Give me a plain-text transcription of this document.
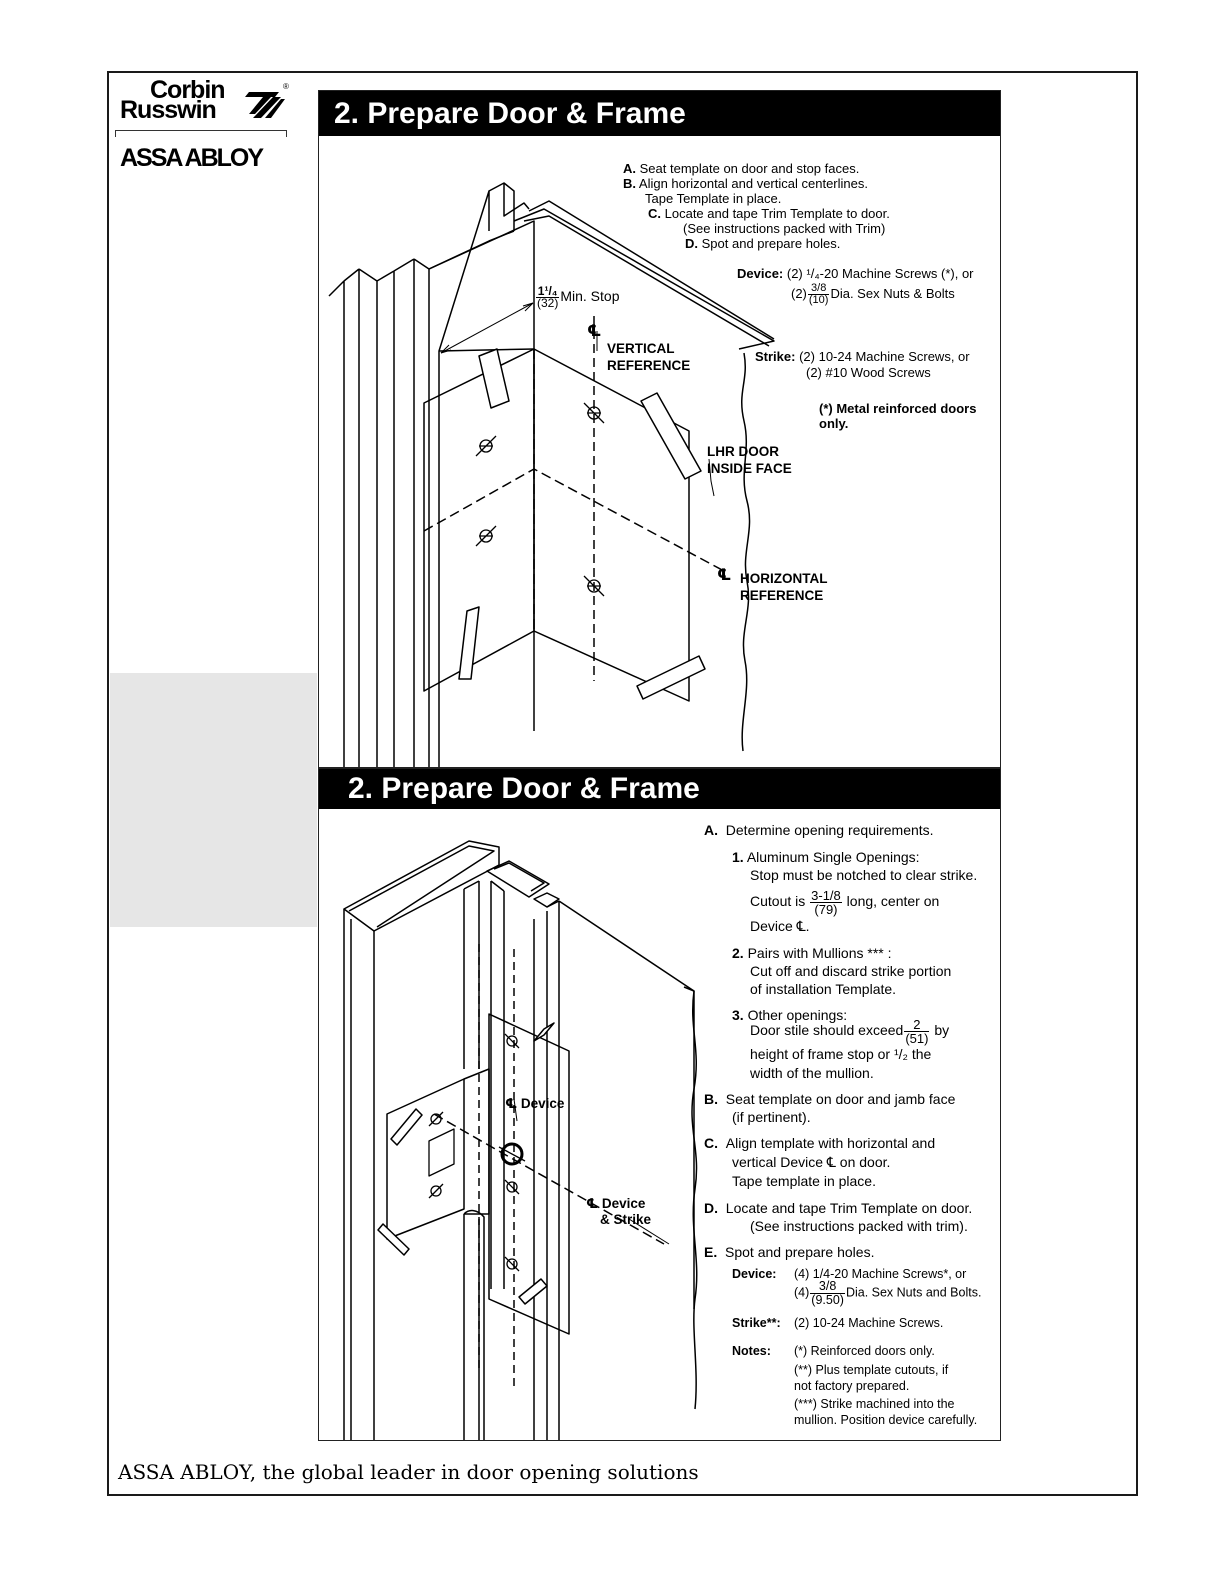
Corbin
Russwin
®
ASSA ABLOY
2. Prepare Door & Frame
A. Seat template on door and stop faces.
B. Align horizontal and vertical centerlines.
Tape Template in place.
C. Locate and tape Trim Template to door.
(See instructions packed with Trim)
D. Spot and prepare holes.
Device: (2) ¹/₄-20 Machine Screws (*), or
$(2) \frac{3/8}{(10)}$ Dia. Sex Nuts & Bolts
Strike: (2) 10-24 Machine Screws, or
(2) #10 Wood Screws
(*) Metal reinforced doors
only.
$\frac{\text{1¹/₄}}{(32)}$ Min. Stop
℄
VERTICAL
REFERENCE
LHR DOOR
INSIDE FACE
℄ HORIZONTAL
REFERENCE
2. Prepare Door & Frame
℄ Device
℄ Device
& Strike
A. Determine opening requirements.
1. Aluminum Single Openings:
Stop must be notched to clear strike.
Cutout is $\frac{3-1/8}{(79)}$ long, center on
Device ℄.
2. Pairs with Mullions *** :
Cut off and discard strike portion
of installation Template.
3. Other openings:
Door stile should exceed $\frac{2}{(51)}$ by
height of frame stop or ¹/₂ the
width of the mullion.
B. Seat template on door and jamb face
(if pertinent).
C. Align template with horizontal and
vertical Device ℄ on door.
Tape template in place.
D. Locate and tape Trim Template on door.
(See instructions packed with trim).
E. Spot and prepare holes.
Device: (4) 1/4-20 Machine Screws*, or
$(4) \frac{3/8}{(9.50)}$ Dia. Sex Nuts and Bolts.
Strike**: (2) 10-24 Machine Screws.
Notes: (*) Reinforced doors only.
(**) Plus template cutouts, if
not factory prepared.
(***) Strike machined into the
mullion. Position device carefully.
ASSA ABLOY, the global leader in door opening solutions
